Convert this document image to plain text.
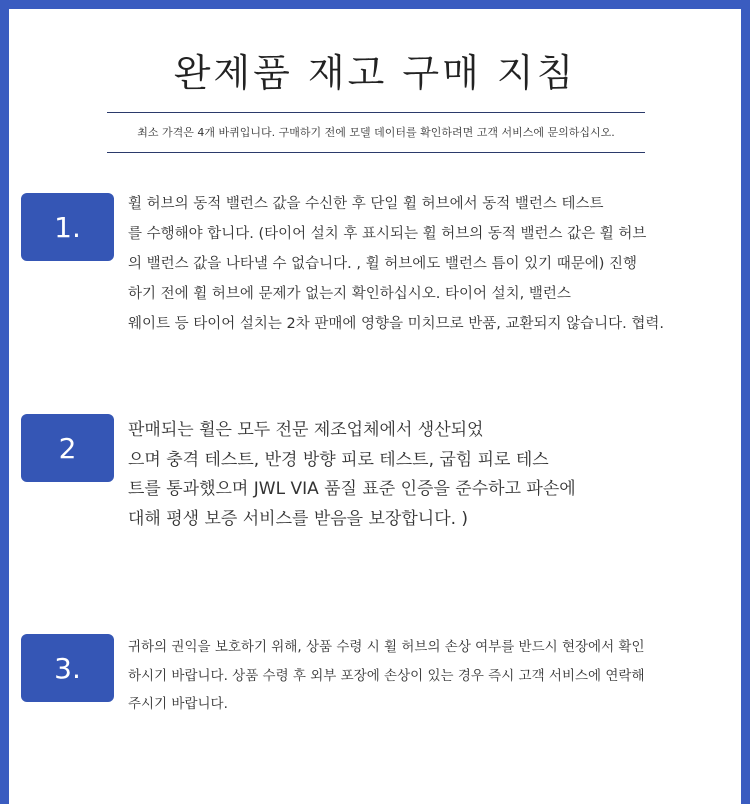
완제품 재고 구매 지침
최소 가격은 4개 바퀴입니다. 구매하기 전에 모델 데이터를 확인하려면 고객 서비스에 문의하십시오.
1.
휠 허브의 동적 밸런스 값을 수신한 후 단일 휠 허브에서 동적 밸런스 테스트
를 수행해야 합니다. (타이어 설치 후 표시되는 휠 허브의 동적 밸런스 값은 휠 허브
의 밸런스 값을 나타낼 수 없습니다. , 휠 허브에도 밸런스 틈이 있기 때문에) 진행
하기 전에 휠 허브에 문제가 없는지 확인하십시오. 타이어 설치, 밸런스
웨이트 등 타이어 설치는 2차 판매에 영향을 미치므로 반품, 교환되지 않습니다. 협력.
2
판매되는 휠은 모두 전문 제조업체에서 생산되었
으며 충격 테스트, 반경 방향 피로 테스트, 굽힘 피로 테스
트를 통과했으며 JWL VIA 품질 표준 인증을 준수하고 파손에
대해 평생 보증 서비스를 받음을 보장합니다. )
3.
귀하의 권익을 보호하기 위해, 상품 수령 시 휠 허브의 손상 여부를 반드시 현장에서 확인
하시기 바랍니다. 상품 수령 후 외부 포장에 손상이 있는 경우 즉시 고객 서비스에 연락해
주시기 바랍니다.
